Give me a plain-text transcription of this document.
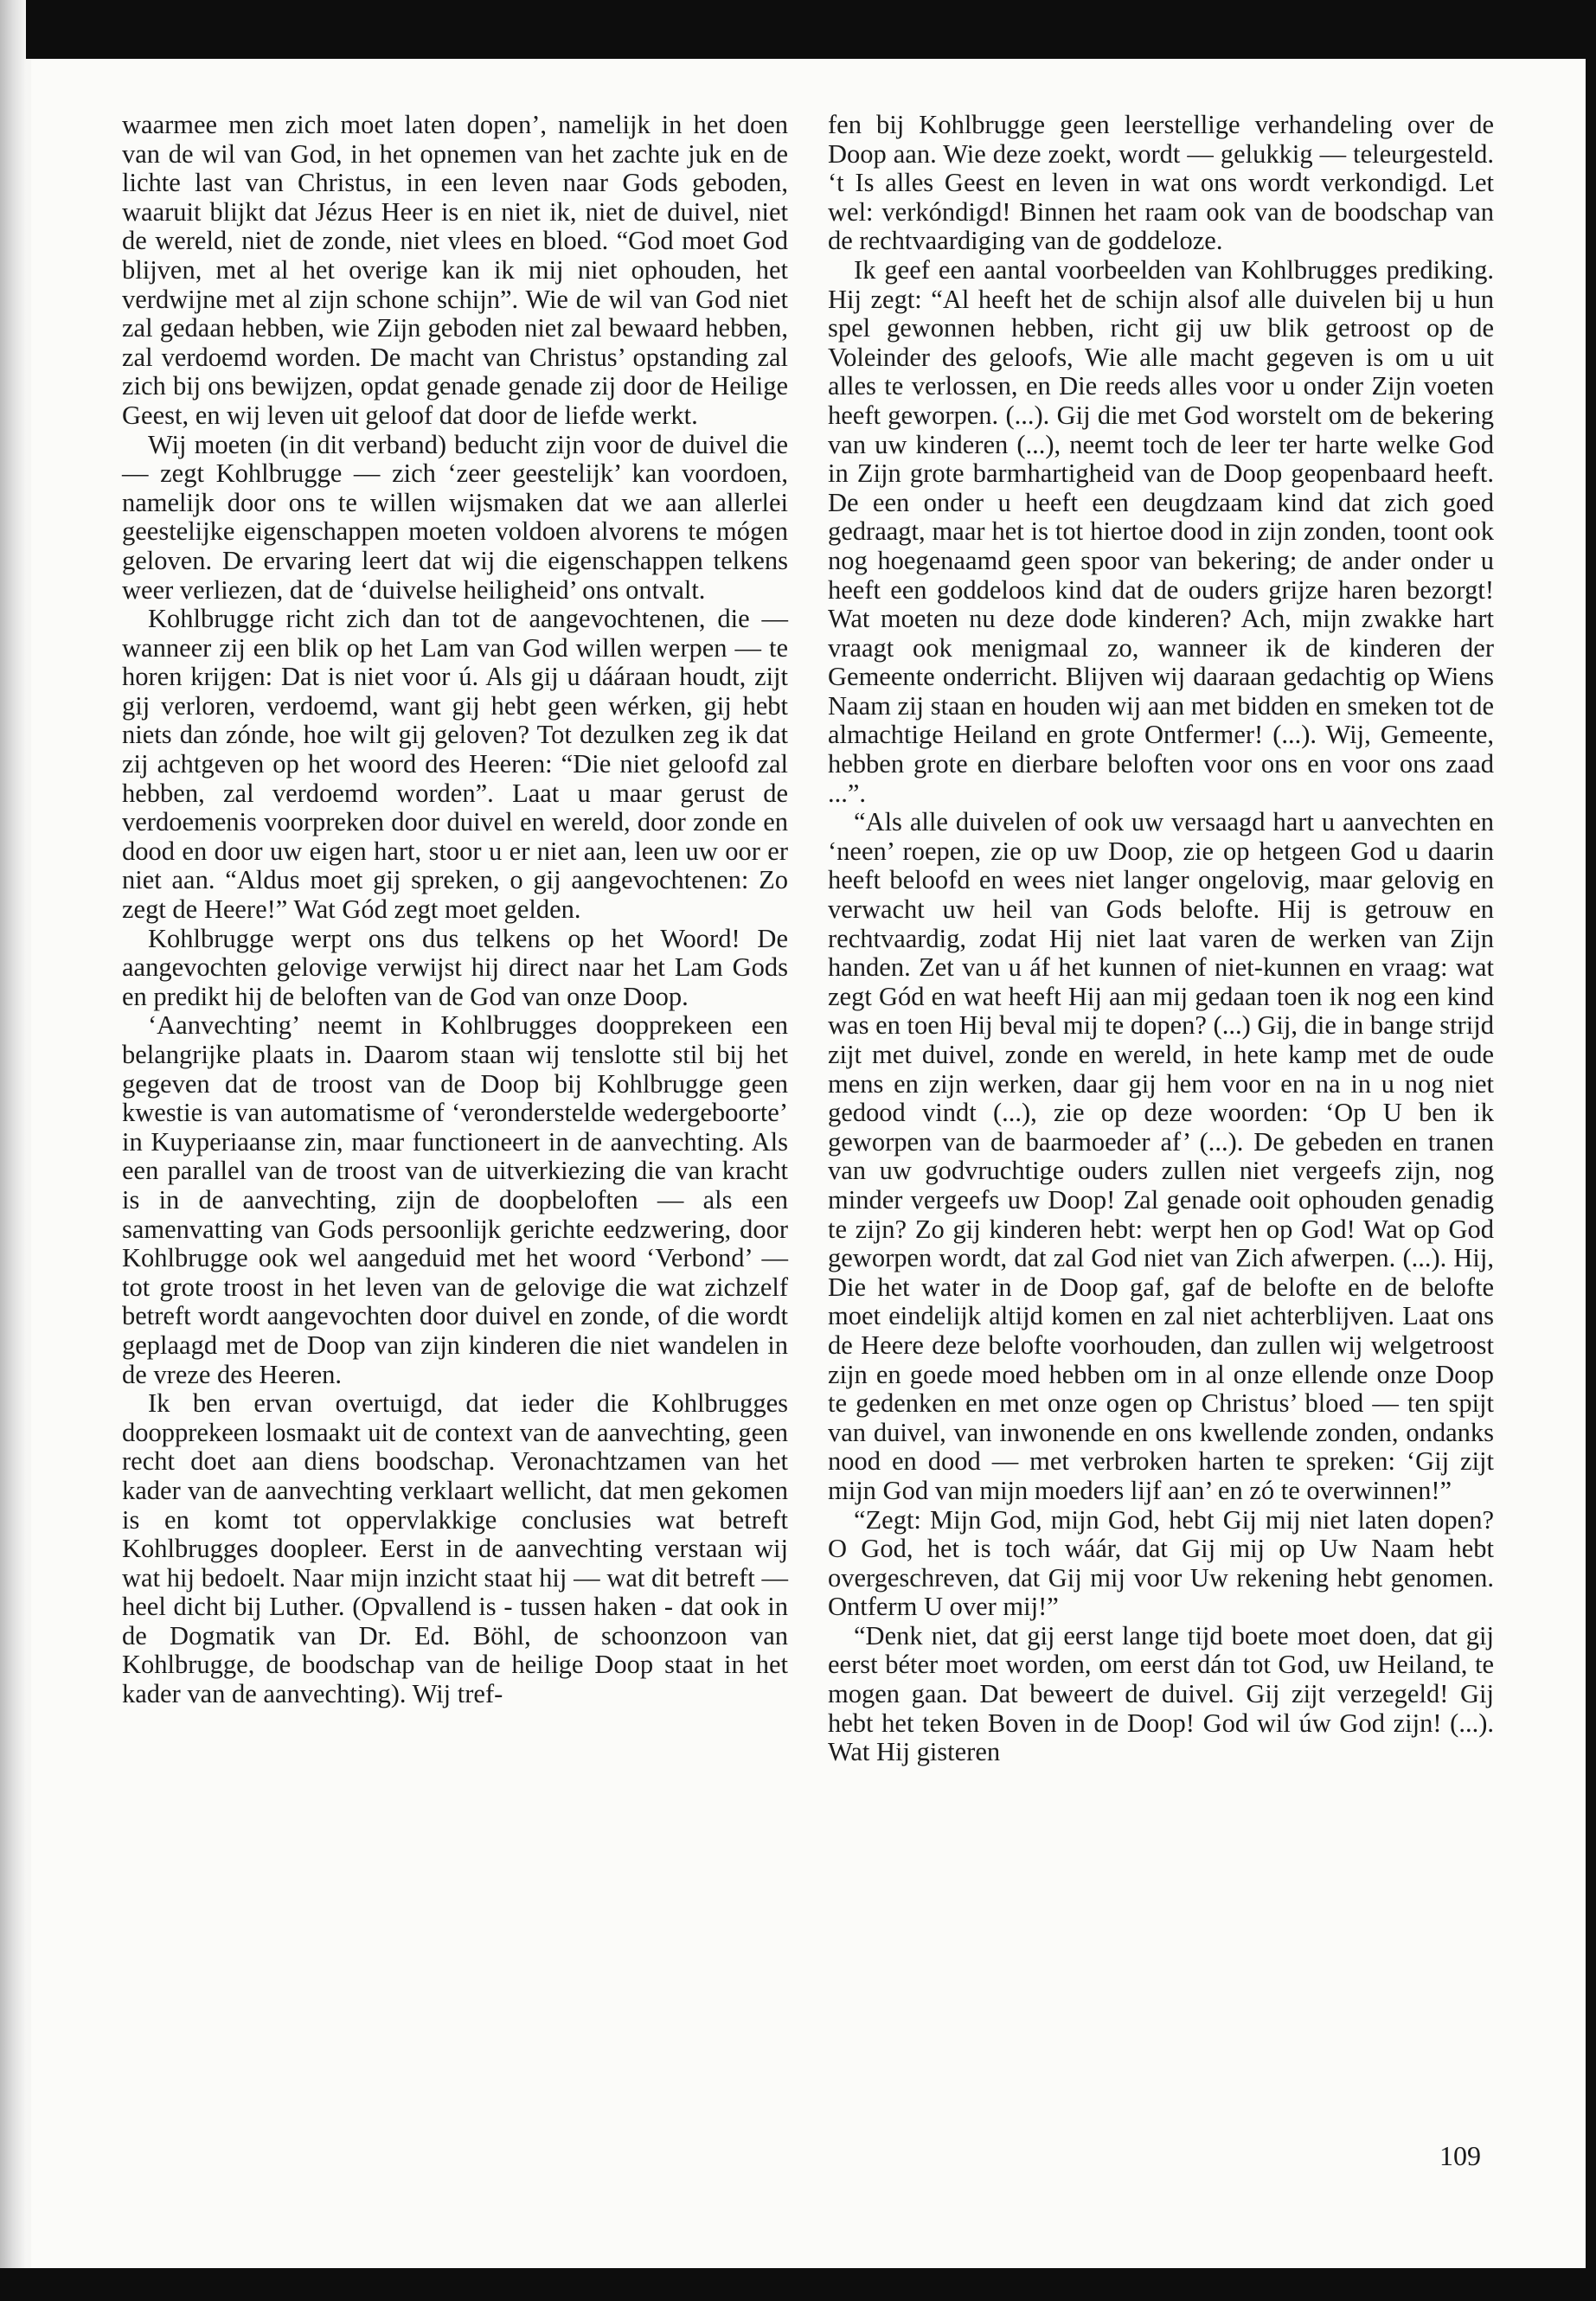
waarmee men zich moet laten dopen’, namelijk in het doen van de wil van God, in het opnemen van het zachte juk en de lichte last van Christus, in een leven naar Gods geboden, waaruit blijkt dat Jézus Heer is en niet ik, niet de duivel, niet de wereld, niet de zonde, niet vlees en bloed. “God moet God blijven, met al het overige kan ik mij niet ophouden, het verdwijne met al zijn schone schijn”. Wie de wil van God niet zal gedaan hebben, wie Zijn geboden niet zal bewaard hebben, zal verdoemd worden. De macht van Christus’ opstanding zal zich bij ons bewijzen, opdat genade genade zij door de Heilige Geest, en wij leven uit geloof dat door de liefde werkt.

Wij moeten (in dit verband) beducht zijn voor de duivel die — zegt Kohlbrugge — zich ‘zeer geestelijk’ kan voordoen, namelijk door ons te willen wijsmaken dat we aan allerlei geestelijke eigenschappen moeten voldoen alvorens te mógen geloven. De ervaring leert dat wij die eigenschappen telkens weer verliezen, dat de ‘duivelse heiligheid’ ons ontvalt.

Kohlbrugge richt zich dan tot de aangevochtenen, die — wanneer zij een blik op het Lam van God willen werpen — te horen krijgen: Dat is niet voor ú. Als gij u dááraan houdt, zijt gij verloren, verdoemd, want gij hebt geen wérken, gij hebt niets dan zónde, hoe wilt gij geloven? Tot dezulken zeg ik dat zij achtgeven op het woord des Heeren: “Die niet geloofd zal hebben, zal verdoemd worden”. Laat u maar gerust de verdoemenis voorpreken door duivel en wereld, door zonde en dood en door uw eigen hart, stoor u er niet aan, leen uw oor er niet aan. “Aldus moet gij spreken, o gij aangevochtenen: Zo zegt de Heere!” Wat Gód zegt moet gelden.

Kohlbrugge werpt ons dus telkens op het Woord! De aangevochten gelovige verwijst hij direct naar het Lam Gods en predikt hij de beloften van de God van onze Doop.

‘Aanvechting’ neemt in Kohlbrugges doopprekeen een belangrijke plaats in. Daarom staan wij tenslotte stil bij het gegeven dat de troost van de Doop bij Kohlbrugge geen kwestie is van automatisme of ‘veronderstelde wedergeboorte’ in Kuyperiaanse zin, maar functioneert in de aanvechting. Als een parallel van de troost van de uitverkiezing die van kracht is in de aanvechting, zijn de doopbeloften — als een samenvatting van Gods persoonlijk gerichte eedzwering, door Kohlbrugge ook wel aangeduid met het woord ‘Verbond’ — tot grote troost in het leven van de gelovige die wat zichzelf betreft wordt aangevochten door duivel en zonde, of die wordt geplaagd met de Doop van zijn kinderen die niet wandelen in de vreze des Heeren.

Ik ben ervan overtuigd, dat ieder die Kohlbrugges doopprekeen losmaakt uit de context van de aanvechting, geen recht doet aan diens boodschap. Veronachtzamen van het kader van de aanvechting verklaart wellicht, dat men gekomen is en komt tot oppervlakkige conclusies wat betreft Kohlbrugges doopleer. Eerst in de aanvechting verstaan wij wat hij bedoelt. Naar mijn inzicht staat hij — wat dit betreft — heel dicht bij Luther. (Opvallend is - tussen haken - dat ook in de Dogmatik van Dr. Ed. Böhl, de schoonzoon van Kohlbrugge, de boodschap van de heilige Doop staat in het kader van de aanvechting). Wij tref-

fen bij Kohlbrugge geen leerstellige verhandeling over de Doop aan. Wie deze zoekt, wordt — gelukkig — teleurgesteld. ‘t Is alles Geest en leven in wat ons wordt verkondigd. Let wel: verkóndigd! Binnen het raam ook van de boodschap van de rechtvaardiging van de goddeloze.

Ik geef een aantal voorbeelden van Kohlbrugges prediking. Hij zegt: “Al heeft het de schijn alsof alle duivelen bij u hun spel gewonnen hebben, richt gij uw blik getroost op de Voleinder des geloofs, Wie alle macht gegeven is om u uit alles te verlossen, en Die reeds alles voor u onder Zijn voeten heeft geworpen. (...). Gij die met God worstelt om de bekering van uw kinderen (...), neemt toch de leer ter harte welke God in Zijn grote barmhartigheid van de Doop geopenbaard heeft. De een onder u heeft een deugdzaam kind dat zich goed gedraagt, maar het is tot hiertoe dood in zijn zonden, toont ook nog hoegenaamd geen spoor van bekering; de ander onder u heeft een goddeloos kind dat de ouders grijze haren bezorgt! Wat moeten nu deze dode kinderen? Ach, mijn zwakke hart vraagt ook menigmaal zo, wanneer ik de kinderen der Gemeente onderricht. Blijven wij daaraan gedachtig op Wiens Naam zij staan en houden wij aan met bidden en smeken tot de almachtige Heiland en grote Ontfermer! (...). Wij, Gemeente, hebben grote en dierbare beloften voor ons en voor ons zaad ...”.

“Als alle duivelen of ook uw versaagd hart u aanvechten en ‘neen’ roepen, zie op uw Doop, zie op hetgeen God u daarin heeft beloofd en wees niet langer ongelovig, maar gelovig en verwacht uw heil van Gods belofte. Hij is getrouw en rechtvaardig, zodat Hij niet laat varen de werken van Zijn handen. Zet van u áf het kunnen of niet-kunnen en vraag: wat zegt Gód en wat heeft Hij aan mij gedaan toen ik nog een kind was en toen Hij beval mij te dopen? (...) Gij, die in bange strijd zijt met duivel, zonde en wereld, in hete kamp met de oude mens en zijn werken, daar gij hem voor en na in u nog niet gedood vindt (...), zie op deze woorden: ‘Op U ben ik geworpen van de baarmoeder af’ (...). De gebeden en tranen van uw godvruchtige ouders zullen niet vergeefs zijn, nog minder vergeefs uw Doop! Zal genade ooit ophouden genadig te zijn? Zo gij kinderen hebt: werpt hen op God! Wat op God geworpen wordt, dat zal God niet van Zich afwerpen. (...). Hij, Die het water in de Doop gaf, gaf de belofte en de belofte moet eindelijk altijd komen en zal niet achterblijven. Laat ons de Heere deze belofte voorhouden, dan zullen wij welgetroost zijn en goede moed hebben om in al onze ellende onze Doop te gedenken en met onze ogen op Christus’ bloed — ten spijt van duivel, van inwonende en ons kwellende zonden, ondanks nood en dood — met verbroken harten te spreken: ‘Gij zijt mijn God van mijn moeders lijf aan’ en zó te overwinnen!”

“Zegt: Mijn God, mijn God, hebt Gij mij niet laten dopen? O God, het is toch wáár, dat Gij mij op Uw Naam hebt overgeschreven, dat Gij mij voor Uw rekening hebt genomen. Ontferm U over mij!”

“Denk niet, dat gij eerst lange tijd boete moet doen, dat gij eerst béter moet worden, om eerst dán tot God, uw Heiland, te mogen gaan. Dat beweert de duivel. Gij zijt verzegeld! Gij hebt het teken Boven in de Doop! God wil úw God zijn! (...). Wat Hij gisteren

109
